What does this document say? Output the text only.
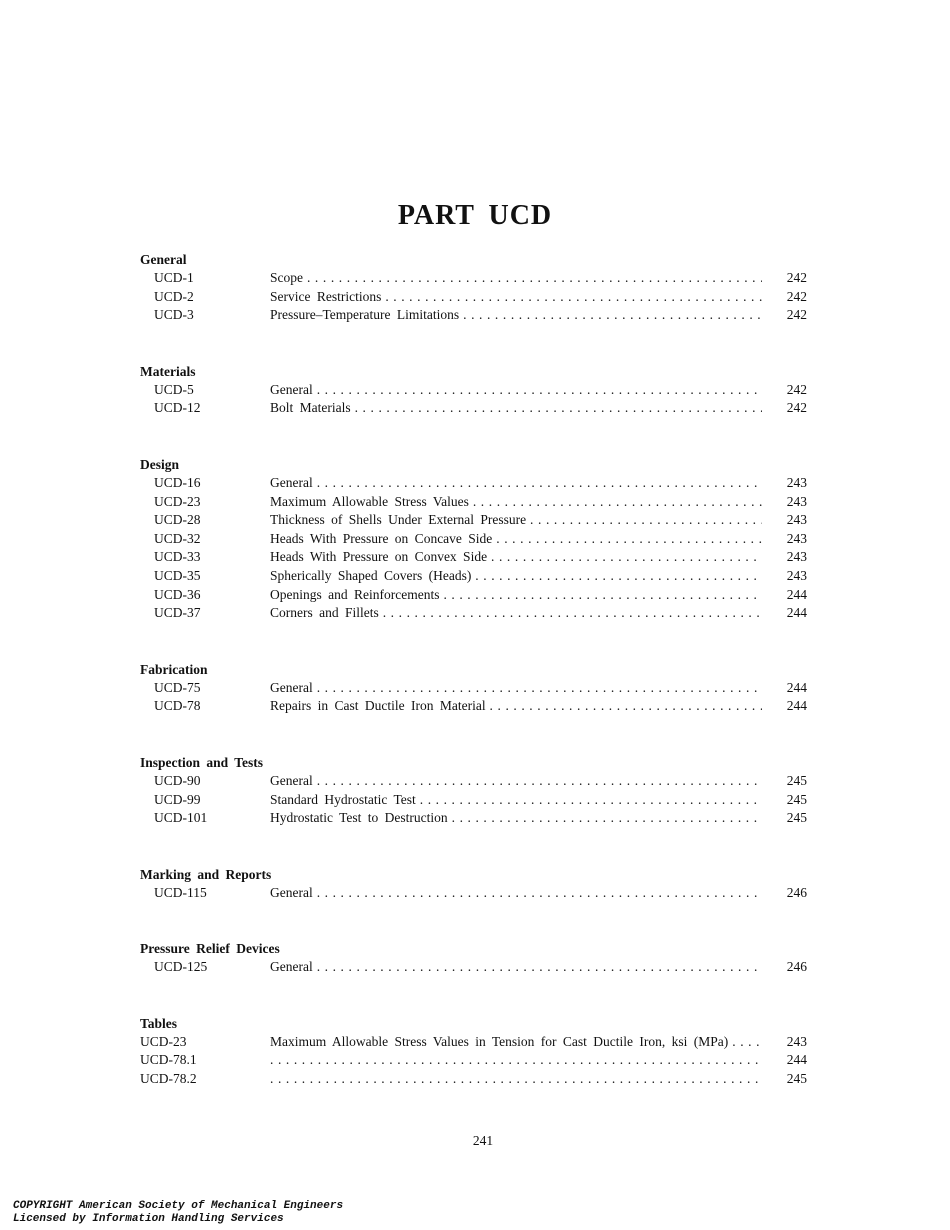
PART UCD
General
UCD-1	Scope . . .	242
UCD-2	Service Restrictions . . .	242
UCD-3	Pressure–Temperature Limitations . . .	242
Materials
UCD-5	General . . .	242
UCD-12	Bolt Materials . . .	242
Design
UCD-16	General . . .	243
UCD-23	Maximum Allowable Stress Values . . .	243
UCD-28	Thickness of Shells Under External Pressure . . .	243
UCD-32	Heads With Pressure on Concave Side . . .	243
UCD-33	Heads With Pressure on Convex Side . . .	243
UCD-35	Spherically Shaped Covers (Heads) . . .	243
UCD-36	Openings and Reinforcements . . .	244
UCD-37	Corners and Fillets . . .	244
Fabrication
UCD-75	General . . .	244
UCD-78	Repairs in Cast Ductile Iron Material . . .	244
Inspection and Tests
UCD-90	General . . .	245
UCD-99	Standard Hydrostatic Test . . .	245
UCD-101	Hydrostatic Test to Destruction . . .	245
Marking and Reports
UCD-115	General . . .	246
Pressure Relief Devices
UCD-125	General . . .	246
Tables
UCD-23	Maximum Allowable Stress Values in Tension for Cast Ductile Iron, ksi (MPa) . . .	243
UCD-78.1 . . .	244
UCD-78.2 . . .	245
241
COPYRIGHT American Society of Mechanical Engineers
Licensed by Information Handling Services
